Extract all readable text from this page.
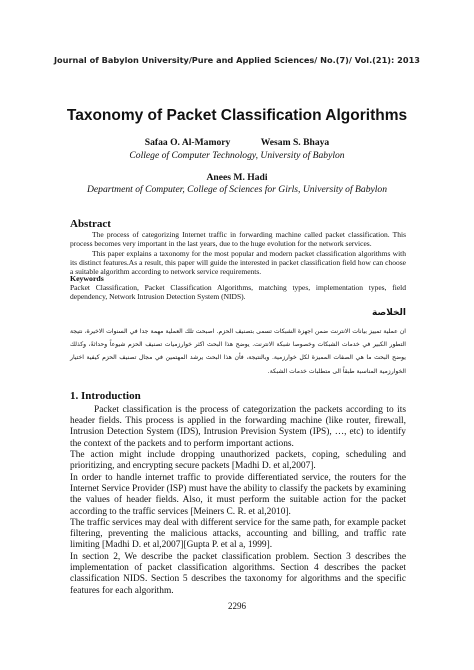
Journal of Babylon University/Pure and Applied Sciences/ No.(7)/ Vol.(21): 2013
Taxonomy of Packet Classification Algorithms
Safaa O. Al-Mamory	Wesam S. Bhaya
College of Computer Technology, University of Babylon
Anees M. Hadi
Department of Computer, College of Sciences for Girls, University of Babylon
Abstract
The process of categorizing Internet traffic in forwarding machine called packet classification. This process becomes very important in the last years, due to the huge evolution for the network services.
This paper explains a taxonomy for the most popular and modern packet classification algorithms with its distinct features.As a result, this paper will guide the interested in packet classification field how can choose a suitable algorithm according to network service requirements.
Keywords
Packet Classification, Packet Classification Algorithms, matching types, implementation types, field dependency, Network Intrusion Detection System (NIDS).
الخلاصة
ان عملية تمييز بيانات الانترنت ضمن اجهزة الشبكات تسمى بتصنيف الحزم. اصبحت تلك العملية مهمة جدا في السنوات الاخيرة، نتيجة التطور الكبير في خدمات الشبكات وخصوصا شبكة الانترنت. يوضح هذا البحث اكثر خوارزميات تصنيف الحزم شيوعاً وحداثةً، وكذلك يوضح البحث ما هي الصفات المميزة لكل خوارزمية. وبالنتيجة، فأن هذا البحث يرشد المهتمين في مجال تصنيف الحزم كيفية اختيار الخوارزمية المناسبة طبقاً الى متطلبات خدمات الشبكة.
1. Introduction
Packet classification is the process of categorization the packets according to its header fields. This process is applied in the forwarding machine (like router, firewall, Intrusion Detection System (IDS), Intrusion Prevision System (IPS), …, etc) to identify the context of the packets and to perform important actions.
The action might include dropping unauthorized packets, coping, scheduling and prioritizing, and encrypting secure packets [Madhi D. et al,2007].
In order to handle internet traffic to provide differentiated service, the routers for the Internet Service Provider (ISP) must have the ability to classify the packets by examining the values of header fields. Also, it must perform the suitable action for the packet according to the traffic services [Meiners C. R. et al,2010].
The traffic services may deal with different service for the same path, for example packet filtering, preventing the malicious attacks, accounting and billing, and traffic rate limiting [Madhi D. et al,2007][Gupta P. et al a, 1999].
In section 2, We describe the packet classification problem. Section 3 describes the implementation of packet classification algorithms. Section 4 describes the packet classification NIDS. Section 5 describes the taxonomy for algorithms and the specific features for each algorithm.
2296
